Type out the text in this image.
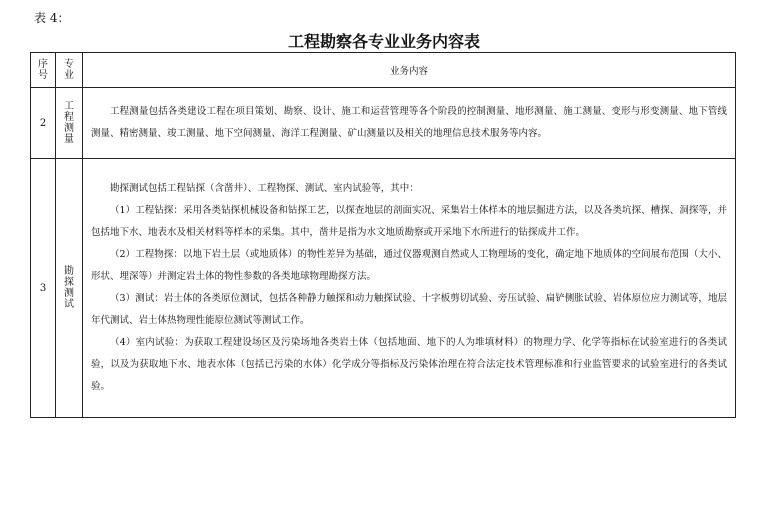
表 4：
工程勘察各专业业务内容表
序号	专业	业务内容
2	工程测量	工程测量包括各类建设工程在项目策划、勘察、设计、施工和运营管理等各个阶段的控制测量、地形测量、施工测量、变形与形变测量、地下管线测量、精密测量、竣工测量、地下空间测量、海洋工程测量、矿山测量以及相关的地理信息技术服务等内容。

3	勘探测试	勘探测试包括工程钻探（含凿井）、工程物探、测试、室内试验等，其中：

（1）工程钻探：采用各类钻探机械设备和钻探工艺，以探查地层的剖面实况、采集岩土体样本的地层掘进方法，以及各类坑探、槽探、洞探等，并包括地下水、地表水及相关材料等样本的采集。其中，凿井是指为水文地质勘察或开采地下水所进行的钻探成井工作。

（2）工程物探：以地下岩土层（或地质体）的物性差异为基础，通过仪器观测自然或人工物理场的变化，确定地下地质体的空间展布范围（大小、形状、埋深等）并测定岩土体的物性参数的各类地球物理勘探方法。

（3）测试：岩土体的各类原位测试，包括各种静力触探和动力触探试验、十字板剪切试验、旁压试验、扁铲侧胀试验、岩体原位应力测试等，地层年代测试、岩土体热物理性能原位测试等测试工作。

（4）室内试验：为获取工程建设场区及污染场地各类岩土体（包括地面、地下的人为堆填材料）的物理力学、化学等指标在试验室进行的各类试验，以及为获取地下水、地表水体（包括已污染的水体）化学成分等指标及污染体治理在符合法定技术管理标准和行业监管要求的试验室进行的各类试验。
